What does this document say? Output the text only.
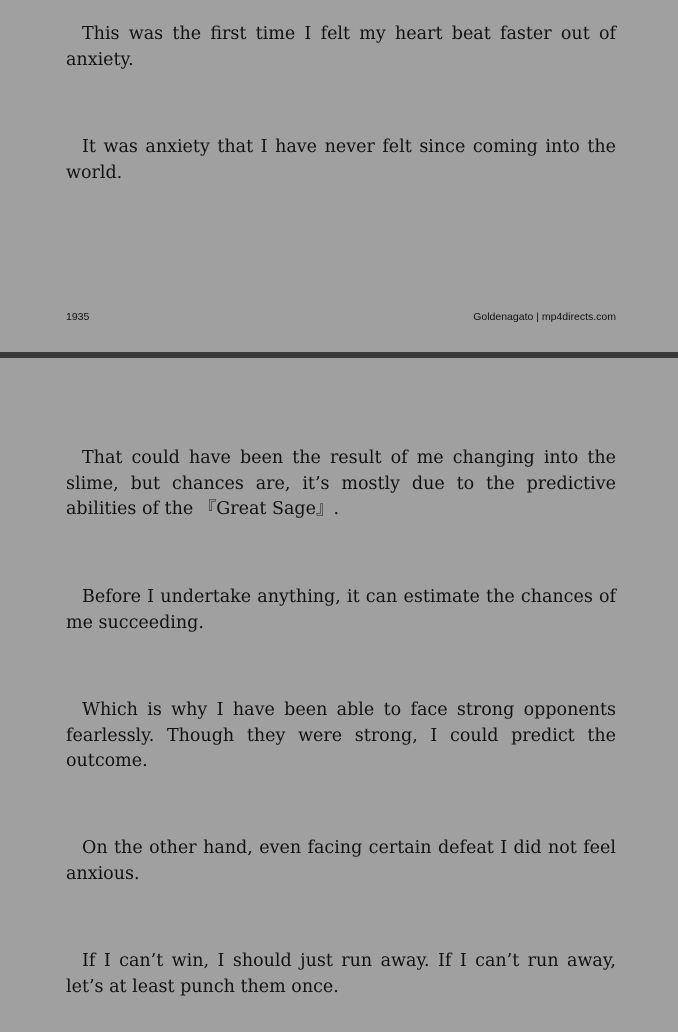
This was the first time I felt my heart beat faster out of anxiety.

It was anxiety that I have never felt since coming into the world.

1935	Goldenagato | mp4directs.com

That could have been the result of me changing into the slime, but chances are, it’s mostly due to the predictive abilities of the 『Great Sage』.

Before I undertake anything, it can estimate the chances of me succeeding.

Which is why I have been able to face strong opponents fearlessly. Though they were strong, I could predict the outcome.

On the other hand, even facing certain defeat I did not feel anxious.

If I can’t win, I should just run away. If I can’t run away, let’s at least punch them once.
